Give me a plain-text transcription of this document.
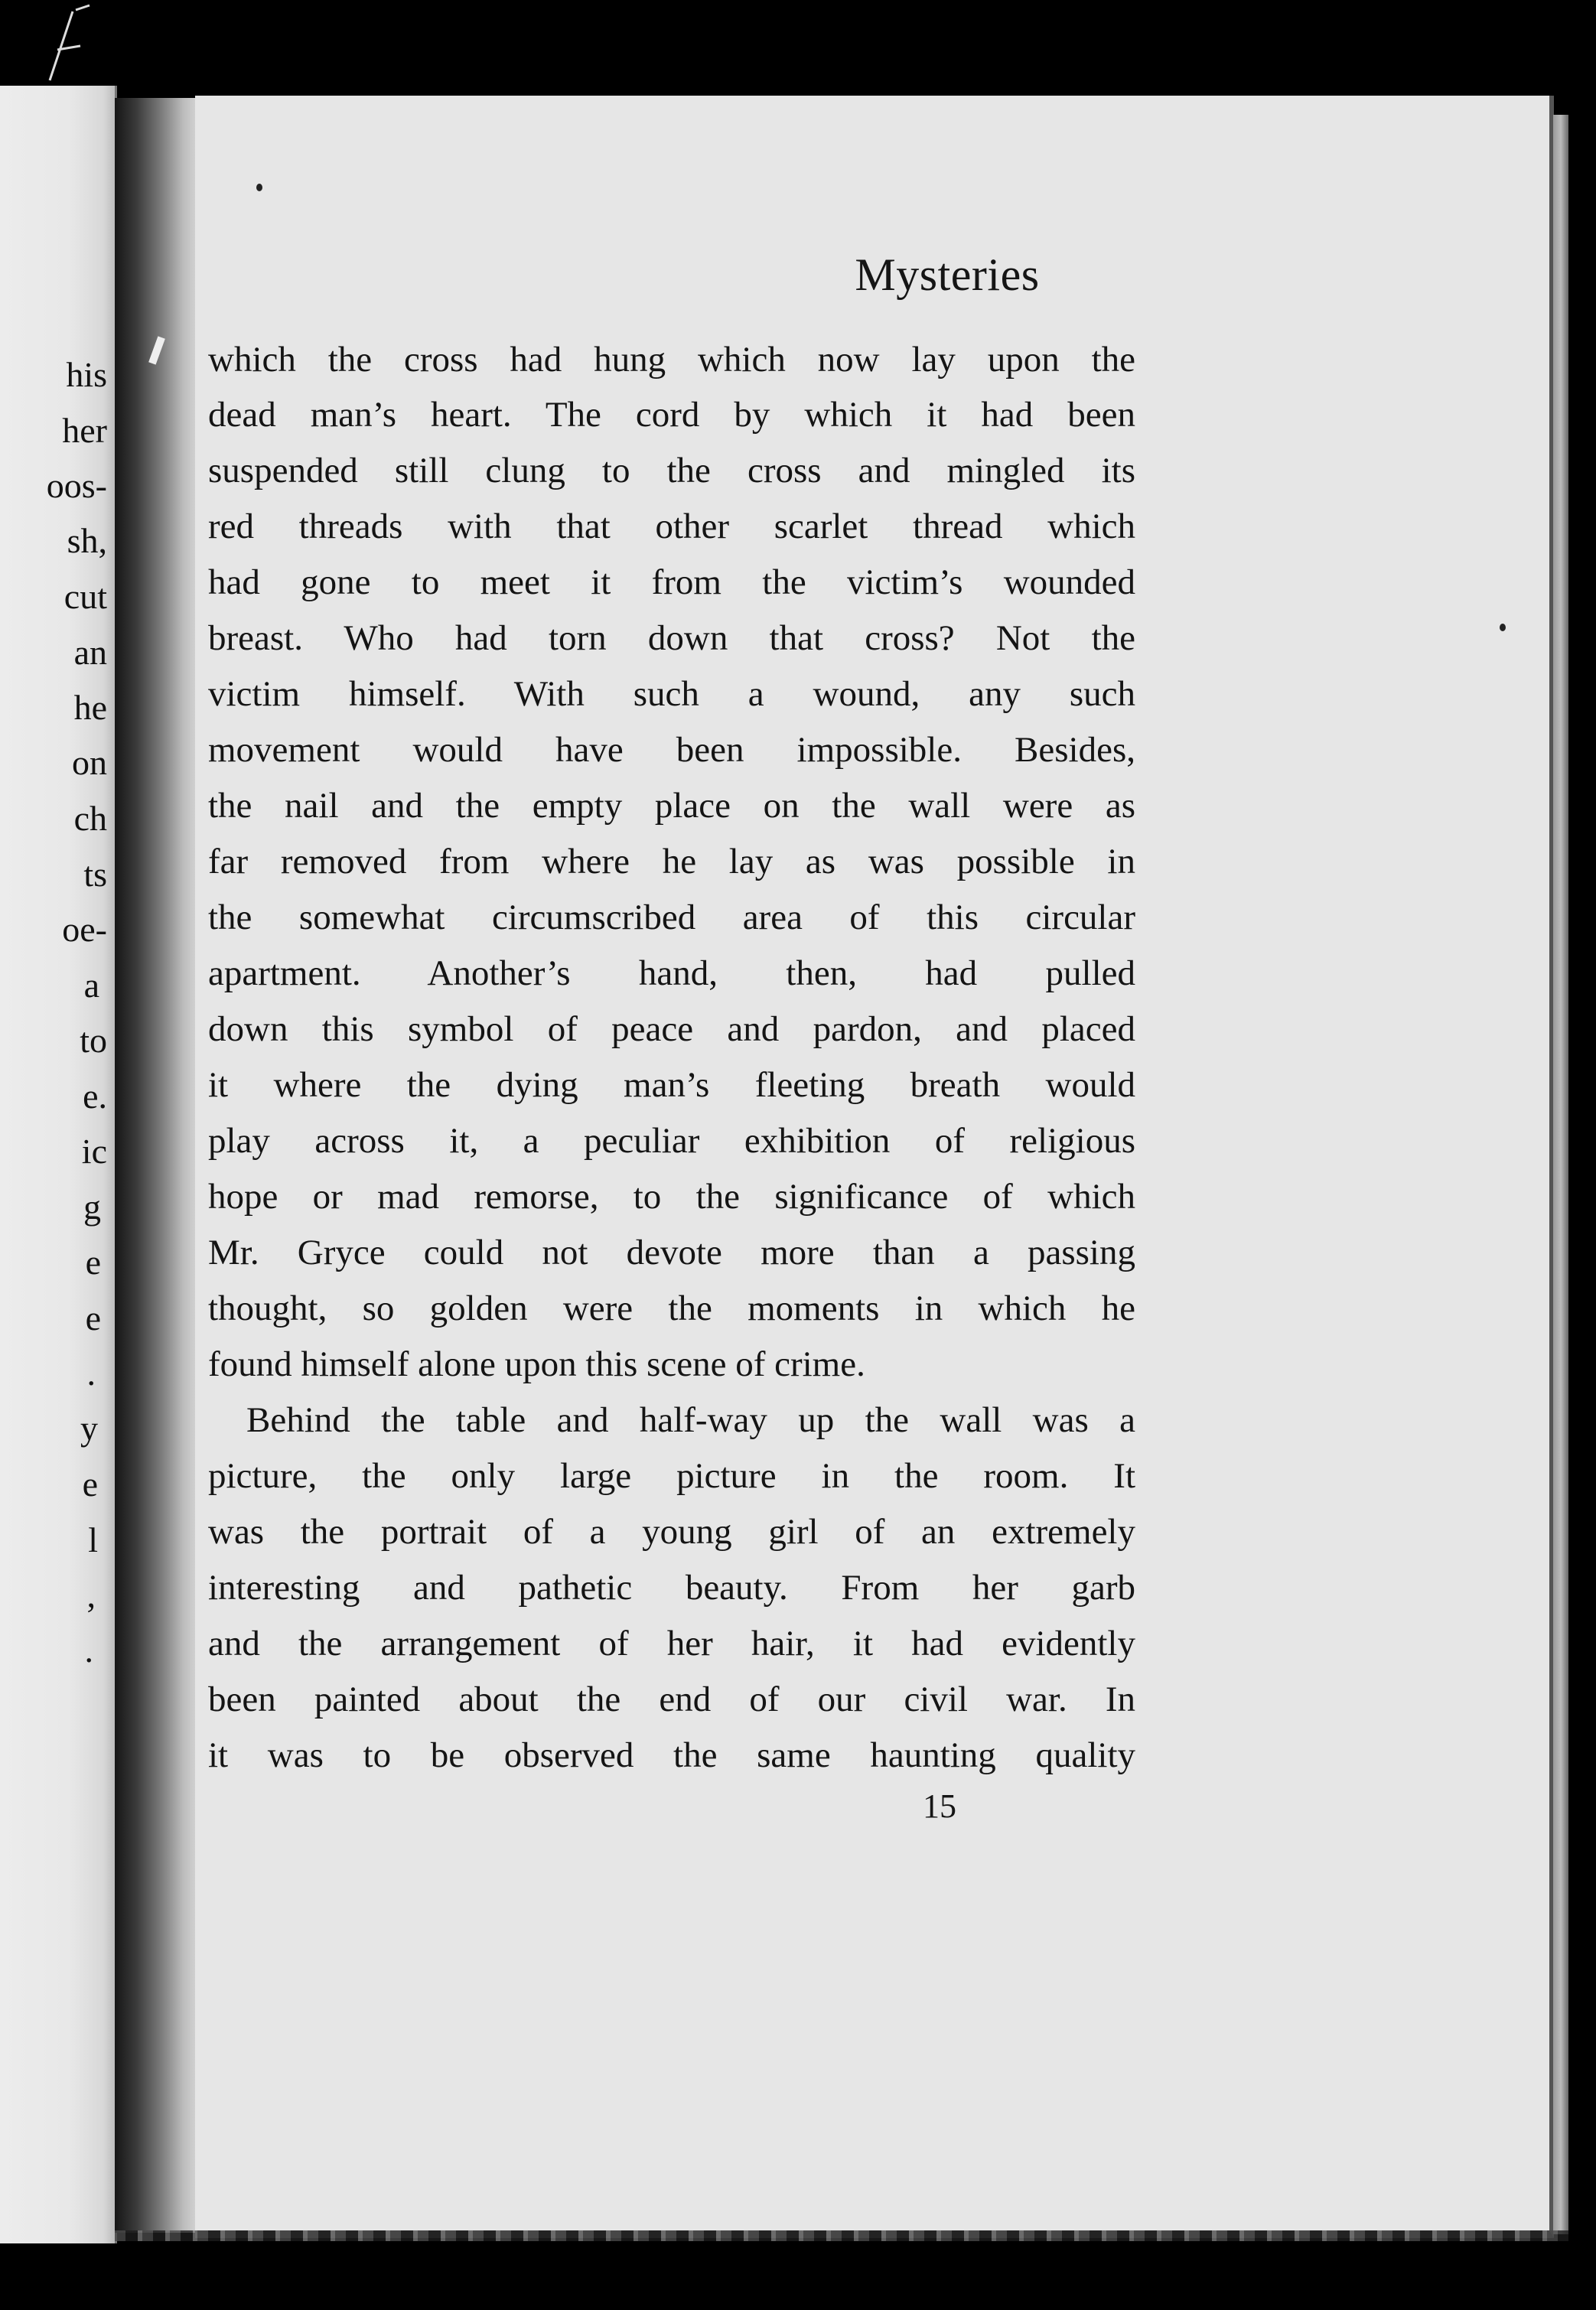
his
her
oos-
sh,
cut
an
he
on
ch
ts
oe-
a
to
e.
ic
g
e
e
.
y
e
l
,
.
Mysteries
15
which the cross had hung which now lay upon the
dead man’s heart. The cord by which it had been
suspended still clung to the cross and mingled its
red threads with that other scarlet thread which
had gone to meet it from the victim’s wounded
breast. Who had torn down that cross? Not the
victim himself. With such a wound, any such
movement would have been impossible. Besides,
the nail and the empty place on the wall were as
far removed from where he lay as was possible in
the somewhat circumscribed area of this circular
apartment. Another’s hand, then, had pulled
down this symbol of peace and pardon, and placed
it where the dying man’s fleeting breath would
play across it, a peculiar exhibition of religious
hope or mad remorse, to the significance of which
Mr. Gryce could not devote more than a passing
thought, so golden were the moments in which he
found himself alone upon this scene of crime.
Behind the table and half-way up the wall was a
picture, the only large picture in the room. It
was the portrait of a young girl of an extremely
interesting and pathetic beauty. From her garb
and the arrangement of her hair, it had evidently
been painted about the end of our civil war. In
it was to be observed the same haunting quality
